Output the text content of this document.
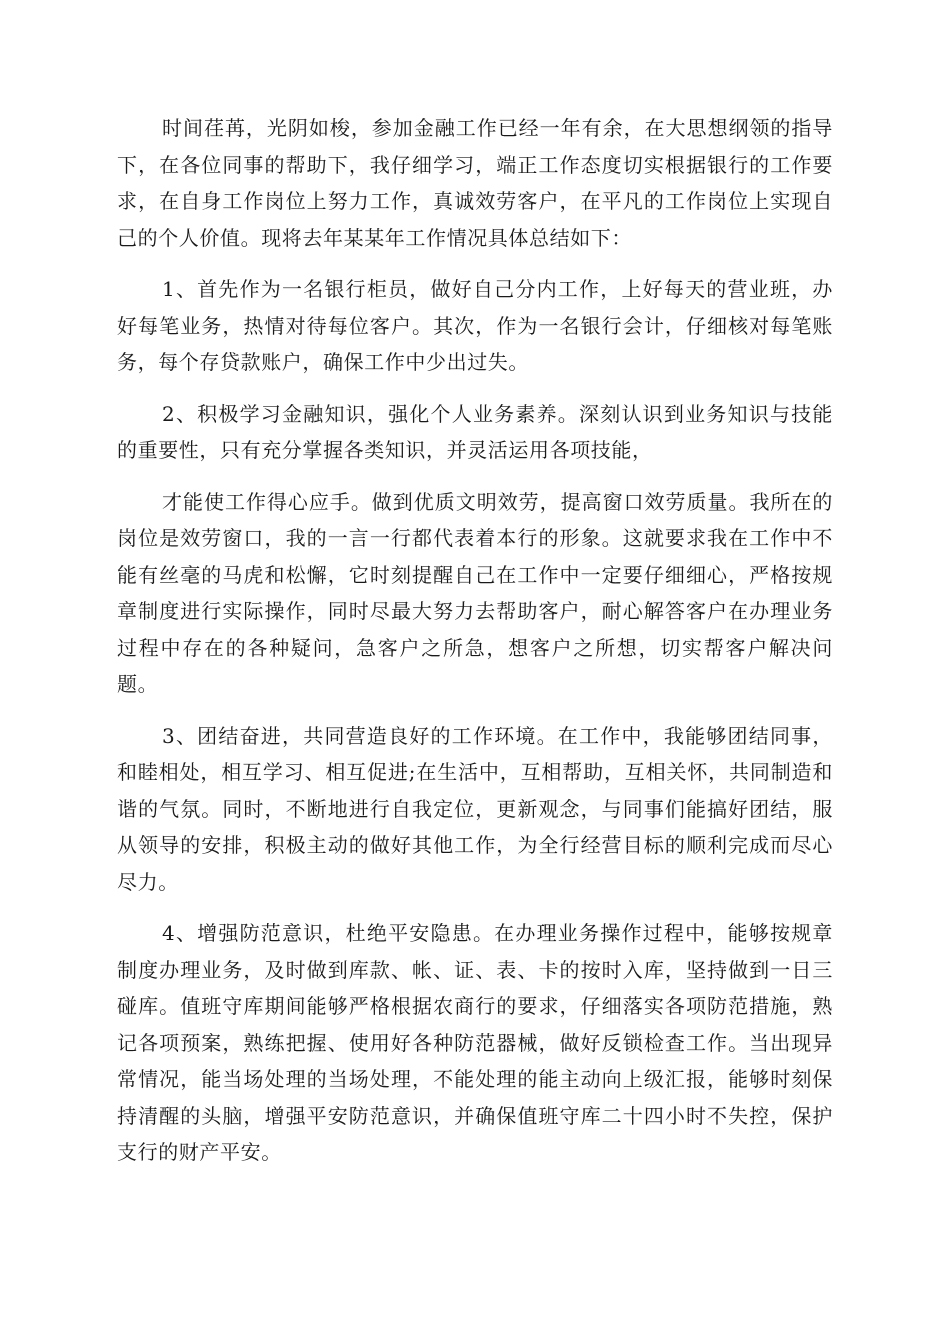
时间荏苒，光阴如梭，参加金融工作已经一年有余，在大思想纲领的指导下，在各位同事的帮助下，我仔细学习，端正工作态度切实根据银行的工作要求，在自身工作岗位上努力工作，真诚效劳客户，在平凡的工作岗位上实现自己的个人价值。现将去年某某年工作情况具体总结如下：

1、首先作为一名银行柜员，做好自己分内工作，上好每天的营业班，办好每笔业务，热情对待每位客户。其次，作为一名银行会计，仔细核对每笔账务，每个存贷款账户，确保工作中少出过失。

2、积极学习金融知识，强化个人业务素养。深刻认识到业务知识与技能的重要性，只有充分掌握各类知识，并灵活运用各项技能，

才能使工作得心应手。做到优质文明效劳，提高窗口效劳质量。我所在的岗位是效劳窗口，我的一言一行都代表着本行的形象。这就要求我在工作中不能有丝毫的马虎和松懈，它时刻提醒自己在工作中一定要仔细细心，严格按规章制度进行实际操作，同时尽最大努力去帮助客户，耐心解答客户在办理业务过程中存在的各种疑问，急客户之所急，想客户之所想，切实帮客户解决问题。

3、团结奋进，共同营造良好的工作环境。在工作中，我能够团结同事，和睦相处，相互学习、相互促进;在生活中，互相帮助，互相关怀，共同制造和谐的气氛。同时，不断地进行自我定位，更新观念，与同事们能搞好团结，服从领导的安排，积极主动的做好其他工作，为全行经营目标的顺利完成而尽心尽力。

4、增强防范意识，杜绝平安隐患。在办理业务操作过程中，能够按规章制度办理业务，及时做到库款、帐、证、表、卡的按时入库，坚持做到一日三碰库。值班守库期间能够严格根据农商行的要求，仔细落实各项防范措施，熟记各项预案，熟练把握、使用好各种防范器械，做好反锁检查工作。当出现异常情况，能当场处理的当场处理，不能处理的能主动向上级汇报，能够时刻保持清醒的头脑，增强平安防范意识，并确保值班守库二十四小时不失控，保护支行的财产平安。
